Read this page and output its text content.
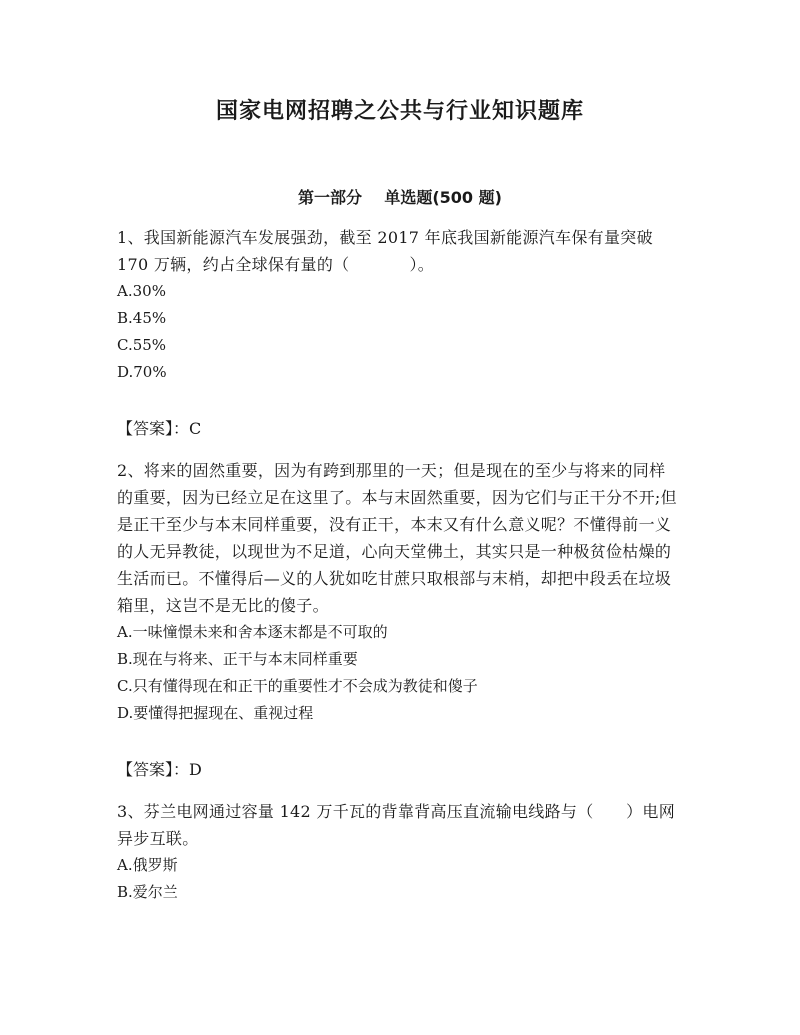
国家电网招聘之公共与行业知识题库
第一部分    单选题(500 题)

1、我国新能源汽车发展强劲，截至 2017 年底我国新能源汽车保有量突破 170 万辆，约占全球保有量的（	）。

A.30%

B.45%

C.55%

D.70%

【答案】：C

2、将来的固然重要，因为有跨到那里的一天；但是现在的至少与将来的同样的重要，因为已经立足在这里了。本与末固然重要，因为它们与正干分不开;但是正干至少与本末同样重要，没有正干，本末又有什么意义呢？不懂得前一义的人无异教徒，以现世为不足道，心向天堂佛土，其实只是一种极贫俭枯燥的生活而已。不懂得后—义的人犹如吃甘蔗只取根部与末梢，却把中段丢在垃圾箱里，这岂不是无比的傻子。

A.一味憧憬未来和舍本逐末都是不可取的

B.现在与将来、正干与本末同样重要

C.只有懂得现在和正干的重要性才不会成为教徒和傻子

D.要懂得把握现在、重视过程

【答案】：D

3、芬兰电网通过容量 142 万千瓦的背靠背高压直流输电线路与（　　）电网异步互联。

A.俄罗斯

B.爱尔兰
